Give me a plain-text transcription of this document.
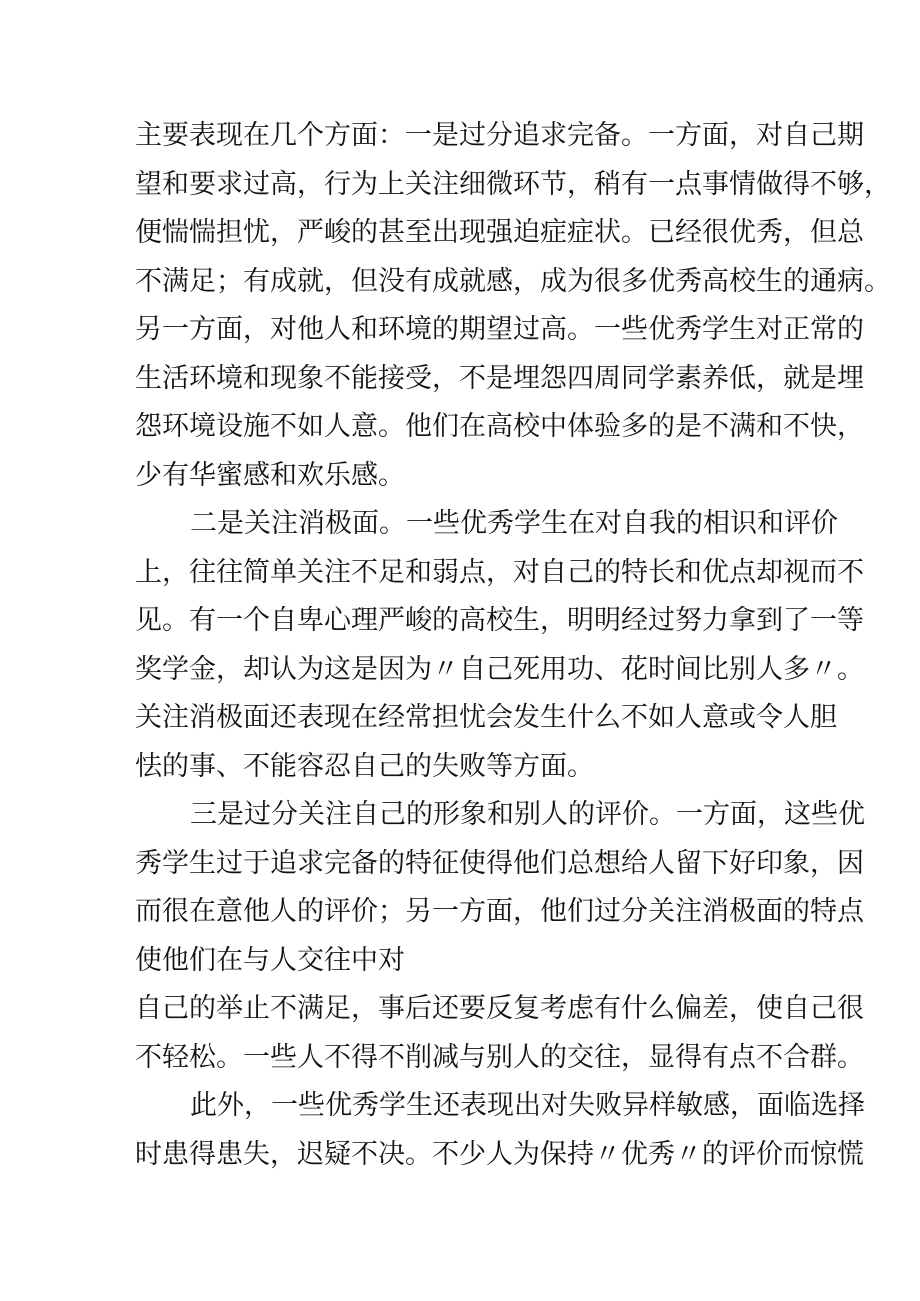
主要表现在几个方面：一是过分追求完备。一方面，对自己期
望和要求过高，行为上关注细微环节，稍有一点事情做得不够，
便惴惴担忧，严峻的甚至出现强迫症症状。已经很优秀，但总
不满足；有成就，但没有成就感，成为很多优秀高校生的通病。
另一方面，对他人和环境的期望过高。一些优秀学生对正常的
生活环境和现象不能接受，不是埋怨四周同学素养低，就是埋
怨环境设施不如人意。他们在高校中体验多的是不满和不快，
少有华蜜感和欢乐感。
二是关注消极面。一些优秀学生在对自我的相识和评价
上，往往简单关注不足和弱点，对自己的特长和优点却视而不
见。有一个自卑心理严峻的高校生，明明经过努力拿到了一等
奖学金，却认为这是因为〃自己死用功、花时间比别人多〃。
关注消极面还表现在经常担忧会发生什么不如人意或令人胆
怯的事、不能容忍自己的失败等方面。
三是过分关注自己的形象和别人的评价。一方面，这些优
秀学生过于追求完备的特征使得他们总想给人留下好印象，因
而很在意他人的评价；另一方面，他们过分关注消极面的特点
使他们在与人交往中对
自己的举止不满足，事后还要反复考虑有什么偏差，使自己很
不轻松。一些人不得不削减与别人的交往，显得有点不合群。
此外，一些优秀学生还表现出对失败异样敏感，面临选择
时患得患失，迟疑不决。不少人为保持〃优秀〃的评价而惊慌
